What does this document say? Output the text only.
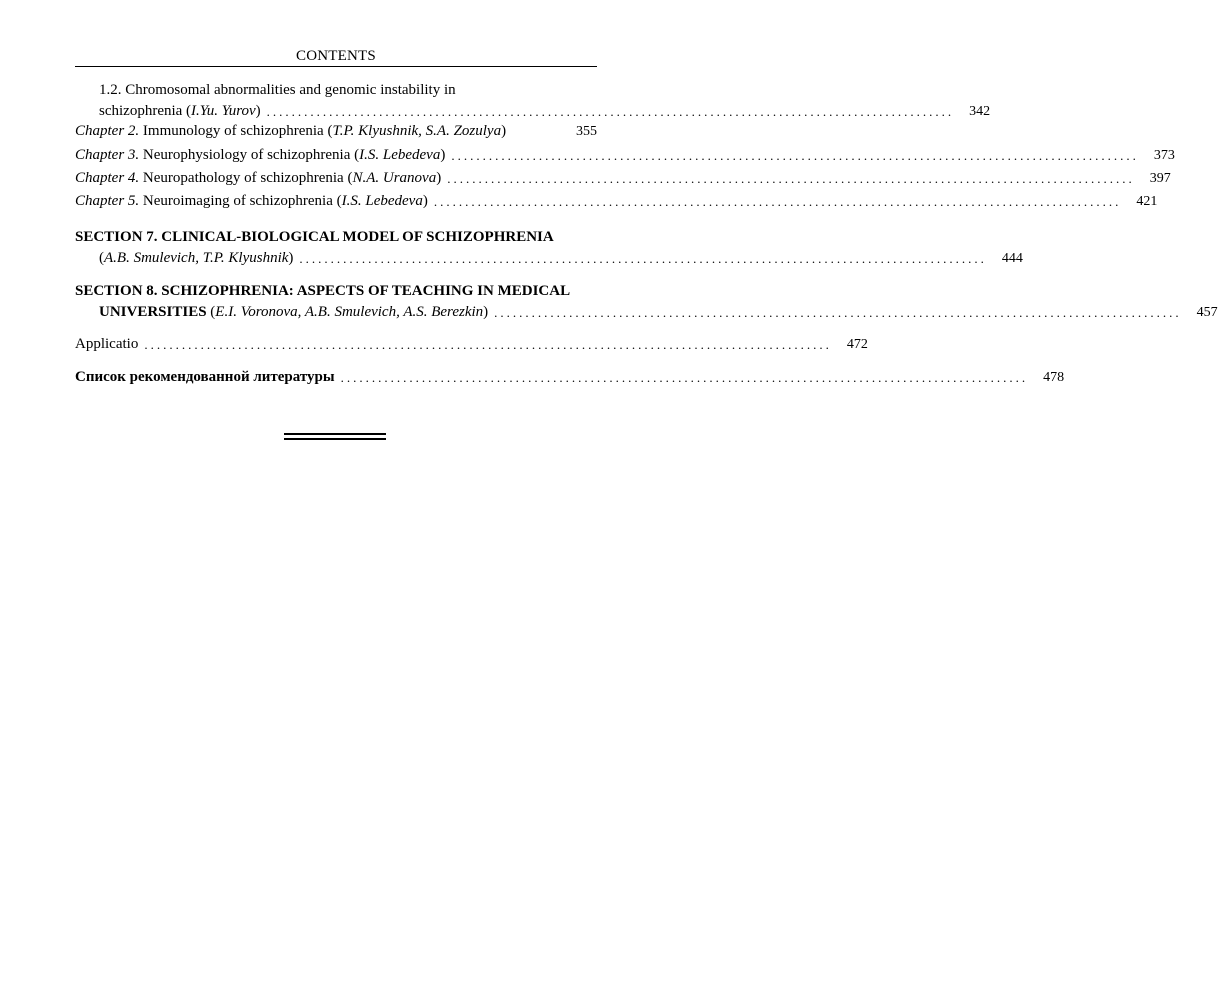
CONTENTS
1.2. Chromosomal abnormalities and genomic instability in
schizophrenia (I.Yu. Yurov) ..............................................................................................................	342
Chapter 2. Immunology of schizophrenia (T.P. Klyushnik, S.A. Zozulya)	355
Chapter 3. Neurophysiology of schizophrenia (I.S. Lebedeva) ..............................................................................................................	373
Chapter 4. Neuropathology of schizophrenia (N.A. Uranova) ..............................................................................................................	397
Chapter 5. Neuroimaging of schizophrenia (I.S. Lebedeva) ..............................................................................................................	421
SECTION 7. CLINICAL-BIOLOGICAL MODEL OF SCHIZOPHRENIA
(A.B. Smulevich, T.P. Klyushnik) ..............................................................................................................	444
SECTION 8. SCHIZOPHRENIA: ASPECTS OF TEACHING IN MEDICAL
UNIVERSITIES (E.I. Voronova, A.B. Smulevich, A.S. Berezkin) ..............................................................................................................	457
Applicatio ..............................................................................................................	472
Список рекомендованной литературы ..............................................................................................................	478
